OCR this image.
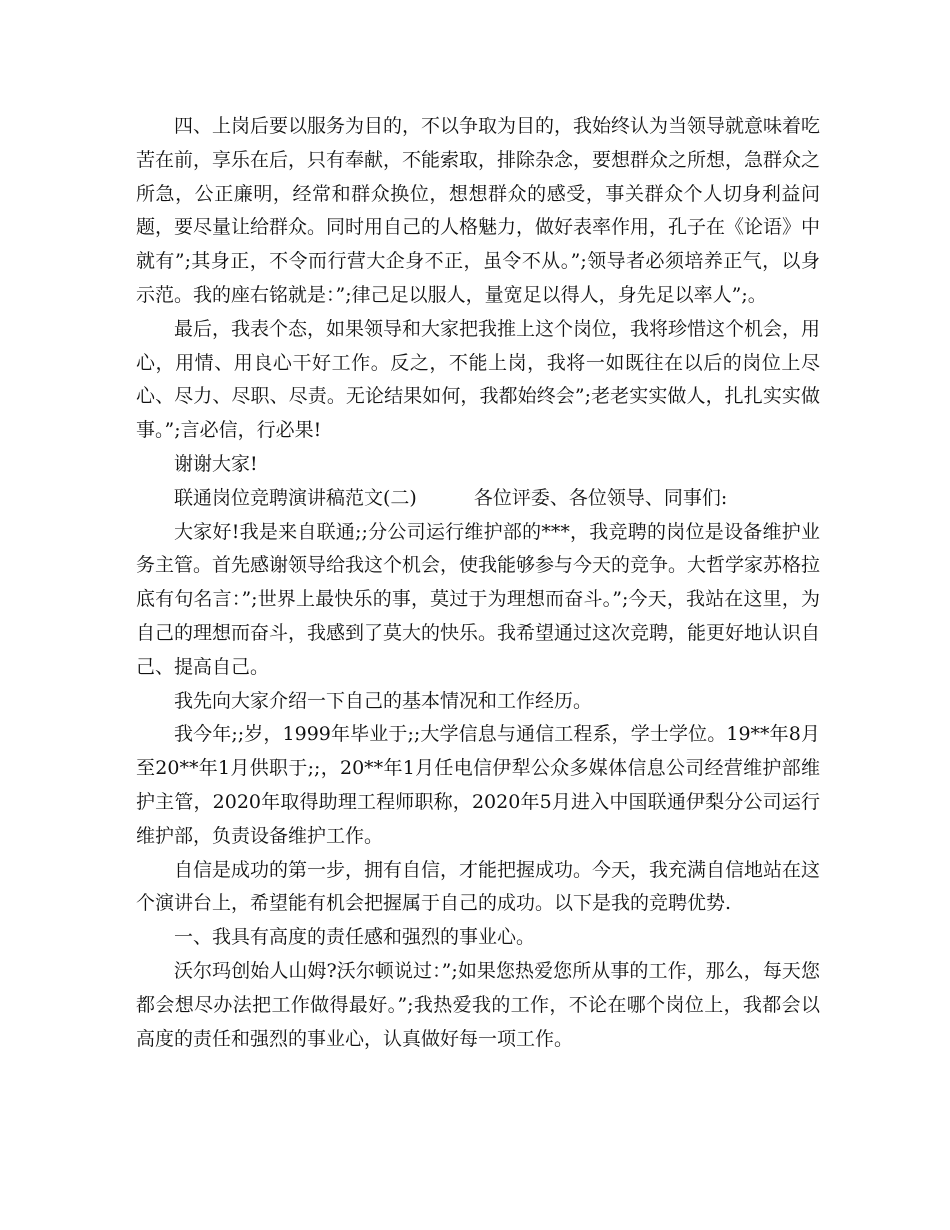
四、上岗后要以服务为目的，不以争取为目的，我始终认为当领导就意味着吃苦在前，享乐在后，只有奉献，不能索取，排除杂念，要想群众之所想，急群众之所急，公正廉明，经常和群众换位，想想群众的感受，事关群众个人切身利益问题，要尽量让给群众。同时用自己的人格魅力，做好表率作用，孔子在《论语》中就有”;其身正，不令而行营大企身不正，虽令不从。”;领导者必须培养正气，以身示范。我的座右铭就是：”;律己足以服人，量宽足以得人，身先足以率人”;。

最后，我表个态，如果领导和大家把我推上这个岗位，我将珍惜这个机会，用心，用情、用良心干好工作。反之，不能上岗，我将一如既往在以后的岗位上尽心、尽力、尽职、尽责。无论结果如何，我都始终会”;老老实实做人，扎扎实实做事。”;言必信，行必果!

谢谢大家!

联通岗位竞聘演讲稿范文(二)　　　各位评委、各位领导、同事们:

大家好!我是来自联通;;分公司运行维护部的***，我竞聘的岗位是设备维护业务主管。首先感谢领导给我这个机会，使我能够参与今天的竞争。大哲学家苏格拉底有句名言：”;世界上最快乐的事，莫过于为理想而奋斗。”;今天，我站在这里，为自己的理想而奋斗，我感到了莫大的快乐。我希望通过这次竞聘，能更好地认识自己、提高自己。

我先向大家介绍一下自己的基本情况和工作经历。

我今年;;岁，1999年毕业于;;大学信息与通信工程系，学士学位。19**年8月至20**年1月供职于;;，20**年1月任电信伊犁公众多媒体信息公司经营维护部维护主管，2020年取得助理工程师职称，2020年5月进入中国联通伊梨分公司运行维护部，负责设备维护工作。

自信是成功的第一步，拥有自信，才能把握成功。今天，我充满自信地站在这个演讲台上，希望能有机会把握属于自己的成功。以下是我的竞聘优势.

一、我具有高度的责任感和强烈的事业心。

沃尔玛创始人山姆?沃尔顿说过：”;如果您热爱您所从事的工作，那么，每天您都会想尽办法把工作做得最好。”;我热爱我的工作，不论在哪个岗位上，我都会以高度的责任和强烈的事业心，认真做好每一项工作。
